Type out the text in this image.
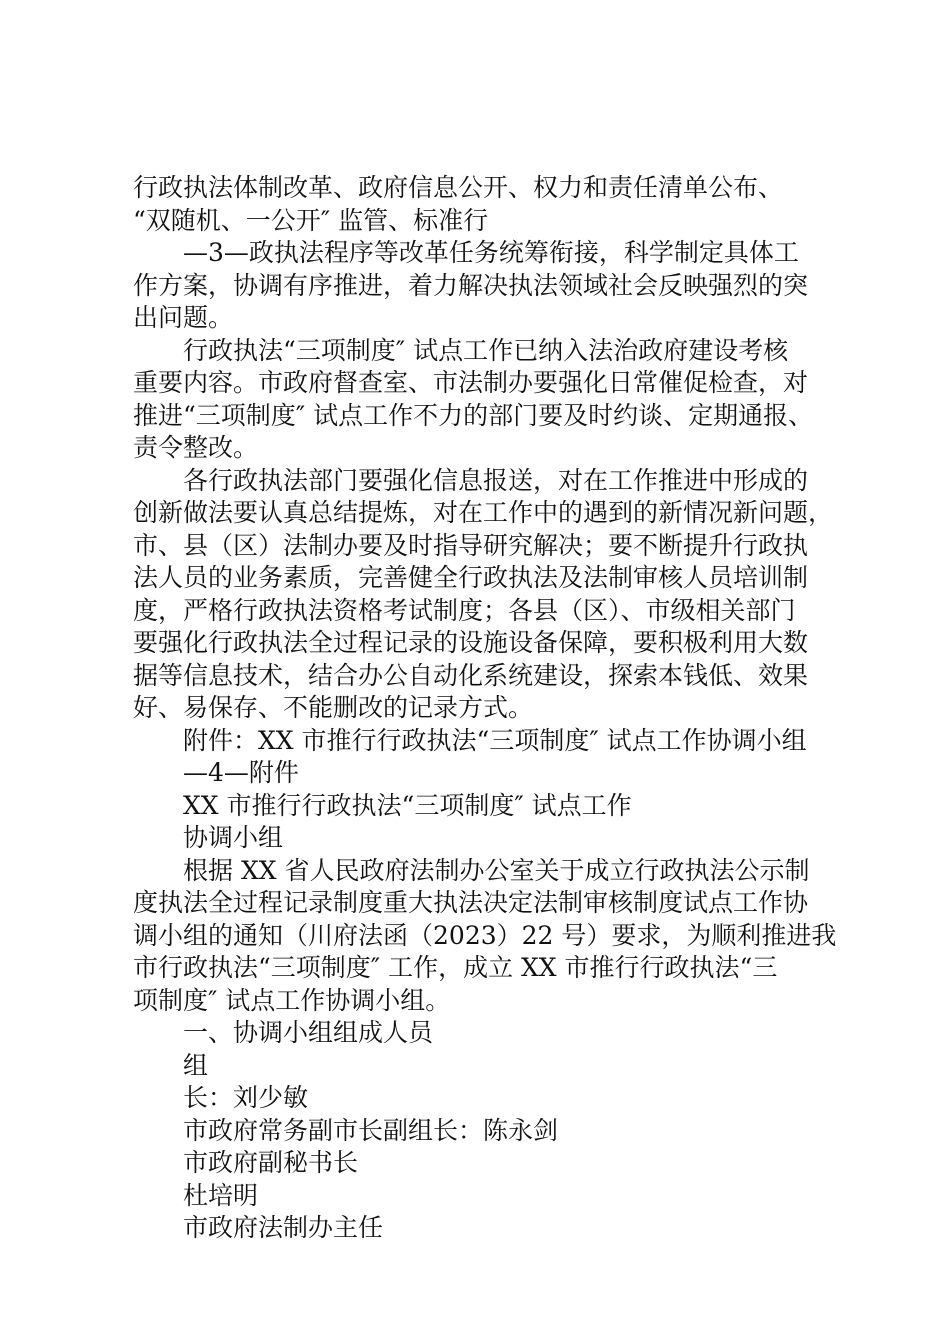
行政执法体制改革、政府信息公开、权力和责任清单公布、

“双随机、一公开″ 监管、标准行

—3—政执法程序等改革任务统筹衔接，科学制定具体工

作方案，协调有序推进，着力解决执法领域社会反映强烈的突

出问题。

行政执法“三项制度″ 试点工作已纳入法治政府建设考核

重要内容。市政府督查室、市法制办要强化日常催促检查，对

推进“三项制度″ 试点工作不力的部门要及时约谈、定期通报、

责令整改。

各行政执法部门要强化信息报送，对在工作推进中形成的

创新做法要认真总结提炼，对在工作中的遇到的新情况新问题，

市、县（区）法制办要及时指导研究解决；要不断提升行政执

法人员的业务素质，完善健全行政执法及法制审核人员培训制

度，严格行政执法资格考试制度；各县（区）、市级相关部门

要强化行政执法全过程记录的设施设备保障，要积极利用大数

据等信息技术，结合办公自动化系统建设，探索本钱低、效果

好、易保存、不能删改的记录方式。

附件：XX 市推行行政执法“三项制度″ 试点工作协调小组

—4—附件

XX 市推行行政执法“三项制度″ 试点工作

协调小组

根据 XX 省人民政府法制办公室关于成立行政执法公示制

度执法全过程记录制度重大执法决定法制审核制度试点工作协

调小组的通知（川府法函（2023）22 号）要求，为顺利推进我

市行政执法“三项制度″ 工作，成立 XX 市推行行政执法“三

项制度″ 试点工作协调小组。

一、协调小组组成人员

组

长：刘少敏

市政府常务副市长副组长：陈永剑

市政府副秘书长

杜培明

市政府法制办主任
